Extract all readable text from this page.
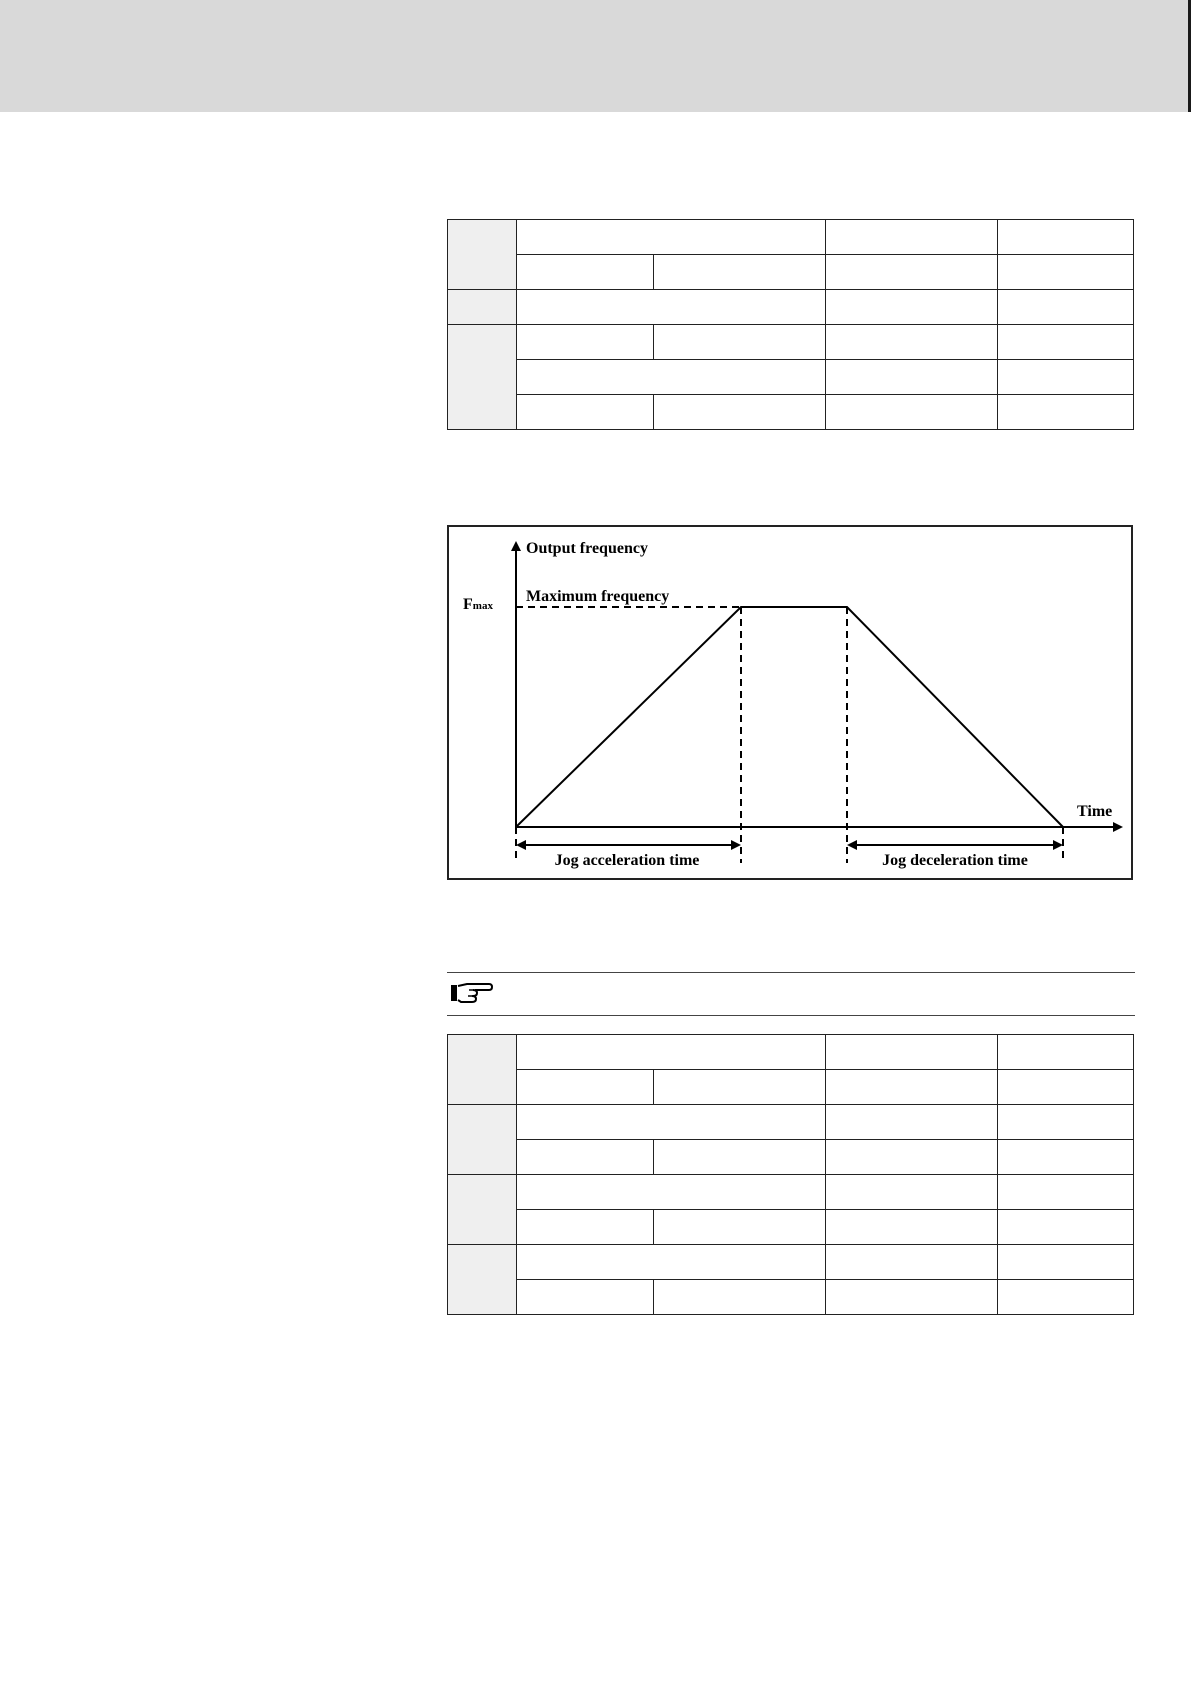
Output frequency
Maximum frequency
Fmax
Time
Jog acceleration time	Jog deceleration time
